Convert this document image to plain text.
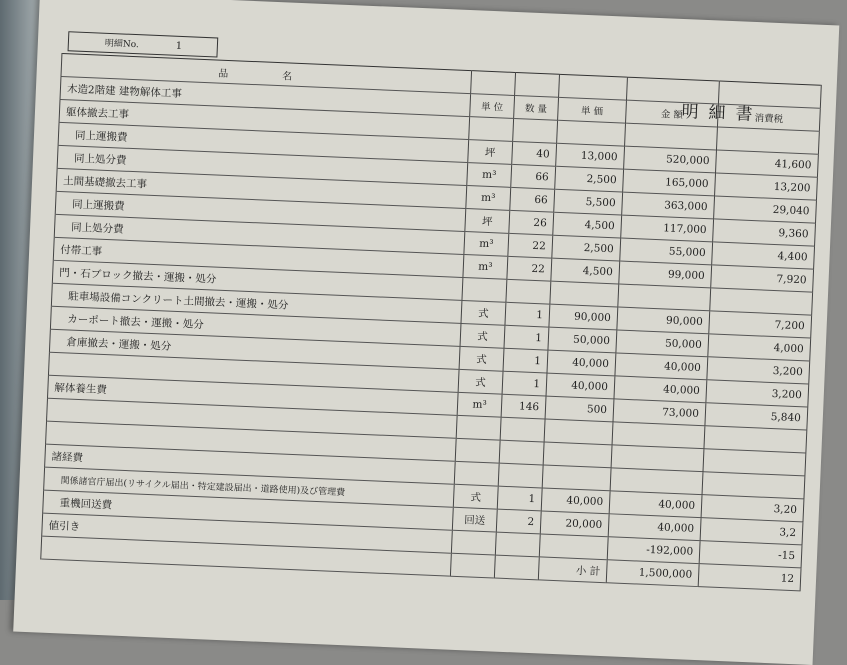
明細No.	1
明細書
品　名					
木造2階建 建物解体工事	単 位	数 量	単 価	金 額	消費税
躯体撤去工事					
同上運搬費	坪	40	13,000	520,000	41,600
同上処分費	m³	66	2,500	165,000	13,200
土間基礎撤去工事	m³	66	5,500	363,000	29,040
同上運搬費	坪	26	4,500	117,000	9,360
同上処分費	m³	22	2,500	55,000	4,400
付帯工事	m³	22	4,500	99,000	7,920
門・石ブロック撤去・運搬・処分					
駐車場設備コンクリート土間撤去・運搬・処分	式	1	90,000	90,000	7,200
カーポート撤去・運搬・処分	式	1	50,000	50,000	4,000
倉庫撤去・運搬・処分	式	1	40,000	40,000	3,200
	式	1	40,000	40,000	3,200
解体養生費	m³	146	500	73,000	5,840

諸経費					
関係諸官庁届出(リサイクル届出・特定建設届出・道路使用)及び管理費	式	1	40,000	40,000	3,20
重機回送費	回送	2	20,000	40,000	3,2
値引き				-192,000	-15
			小 計	1,500,000	12
